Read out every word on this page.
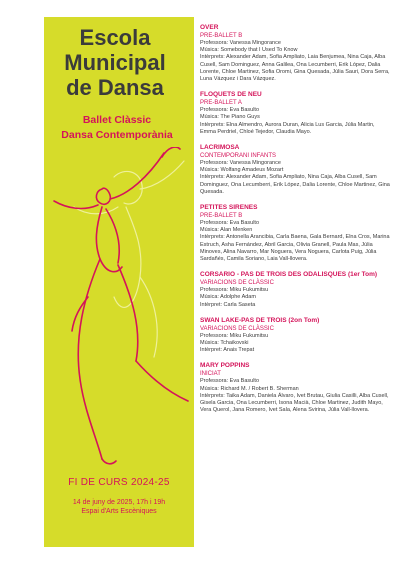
Escola
Municipal
de Dansa
Ballet Clàssic
Dansa Contemporània
FI DE CURS 2024-25
14 de juny de 2025, 17h i 19h
Espai d'Arts Escèniques
OVER
PRE-BALLET B
Professora: Vanessa Mingorance
Música: Somebody that I Used To Know
Intèrprets: Alexander Adam, Sofia Ampliato, Laia Benjumea, Nina Caja, Alba Cusell, Sam Dominguez, Anna Galilea, Ona Lecumberri, Erik López, Dalia Lorente, Chloe Martinez, Sofia Oromi, Gina Quesada, Júlia Sauri, Dora Serra, Luna Vázquez i Dara Vázquez.
FLOQUETS DE NEU
PRE-BALLET A
Professora: Eva Basulto
Música: The Piano Guys
Intèrprets: Elna Almendro, Aurora Duran, Alicia Lus Garcia, Júlia Martin, Emma Perdriel, Chloé Tejedor, Claudia Mayo.
LACRIMOSA
CONTEMPORANI INFANTS
Professora: Vanessa Mingorance
Música: Wolfang Amadeus Mozart
Intèrprets: Alexander Adam, Sofia Ampliato, Nina Caja, Alba Cusell, Sam Dominguez, Ona Lecumberri, Erik López, Dalia Lorente, Chloe Martinez, Gina Quesada.
PETITES SIRENES
PRE-BALLET B
Professora: Eva Basulto
Música: Alan Menken
Intèrprets: Antonella Arancibia, Carla Baena, Gala Bernard, Elna Cros, Marina Estruch, Asha Fernández, Abril Garcia, Olivia Granell, Paula Mas, Júlia Minoves, Alina Navarro, Mar Noguera, Vera Noguera, Carlota Puig, Júlia Sardañés, Camila Soriano, Laia Vall-llovera.
CORSARIO - PAS DE TROIS DES ODALISQUES (1er Tom)
VARIACIONS DE CLÀSSIC
Professora: Miku Fukumitsu
Música: Adolphe Adam
Intèrpret: Carla Saseta
SWAN LAKE-PAS DE TROIS (2on Tom)
VARIACIONS DE CLÀSSIC
Professora: Miku Fukumitsu
Música: Tchaikovski
Intèrpret: Anais Trepat
MARY POPPINS
INICIAT
Professora: Eva Basulto
Música: Richard M. / Robert B. Sherman
Intèrprets: Taika Adam, Daniela Álvaro, Ivet Brutau, Giulia Casilli, Alba Cusell, Gisela Garcia, Ona Lecumberri, Isona Macià, Chloe Martinez, Judith Mayo, Vera Querol, Jana Romero, Ivet Sala, Alena Svirina, Júlia Vall-llovera.
